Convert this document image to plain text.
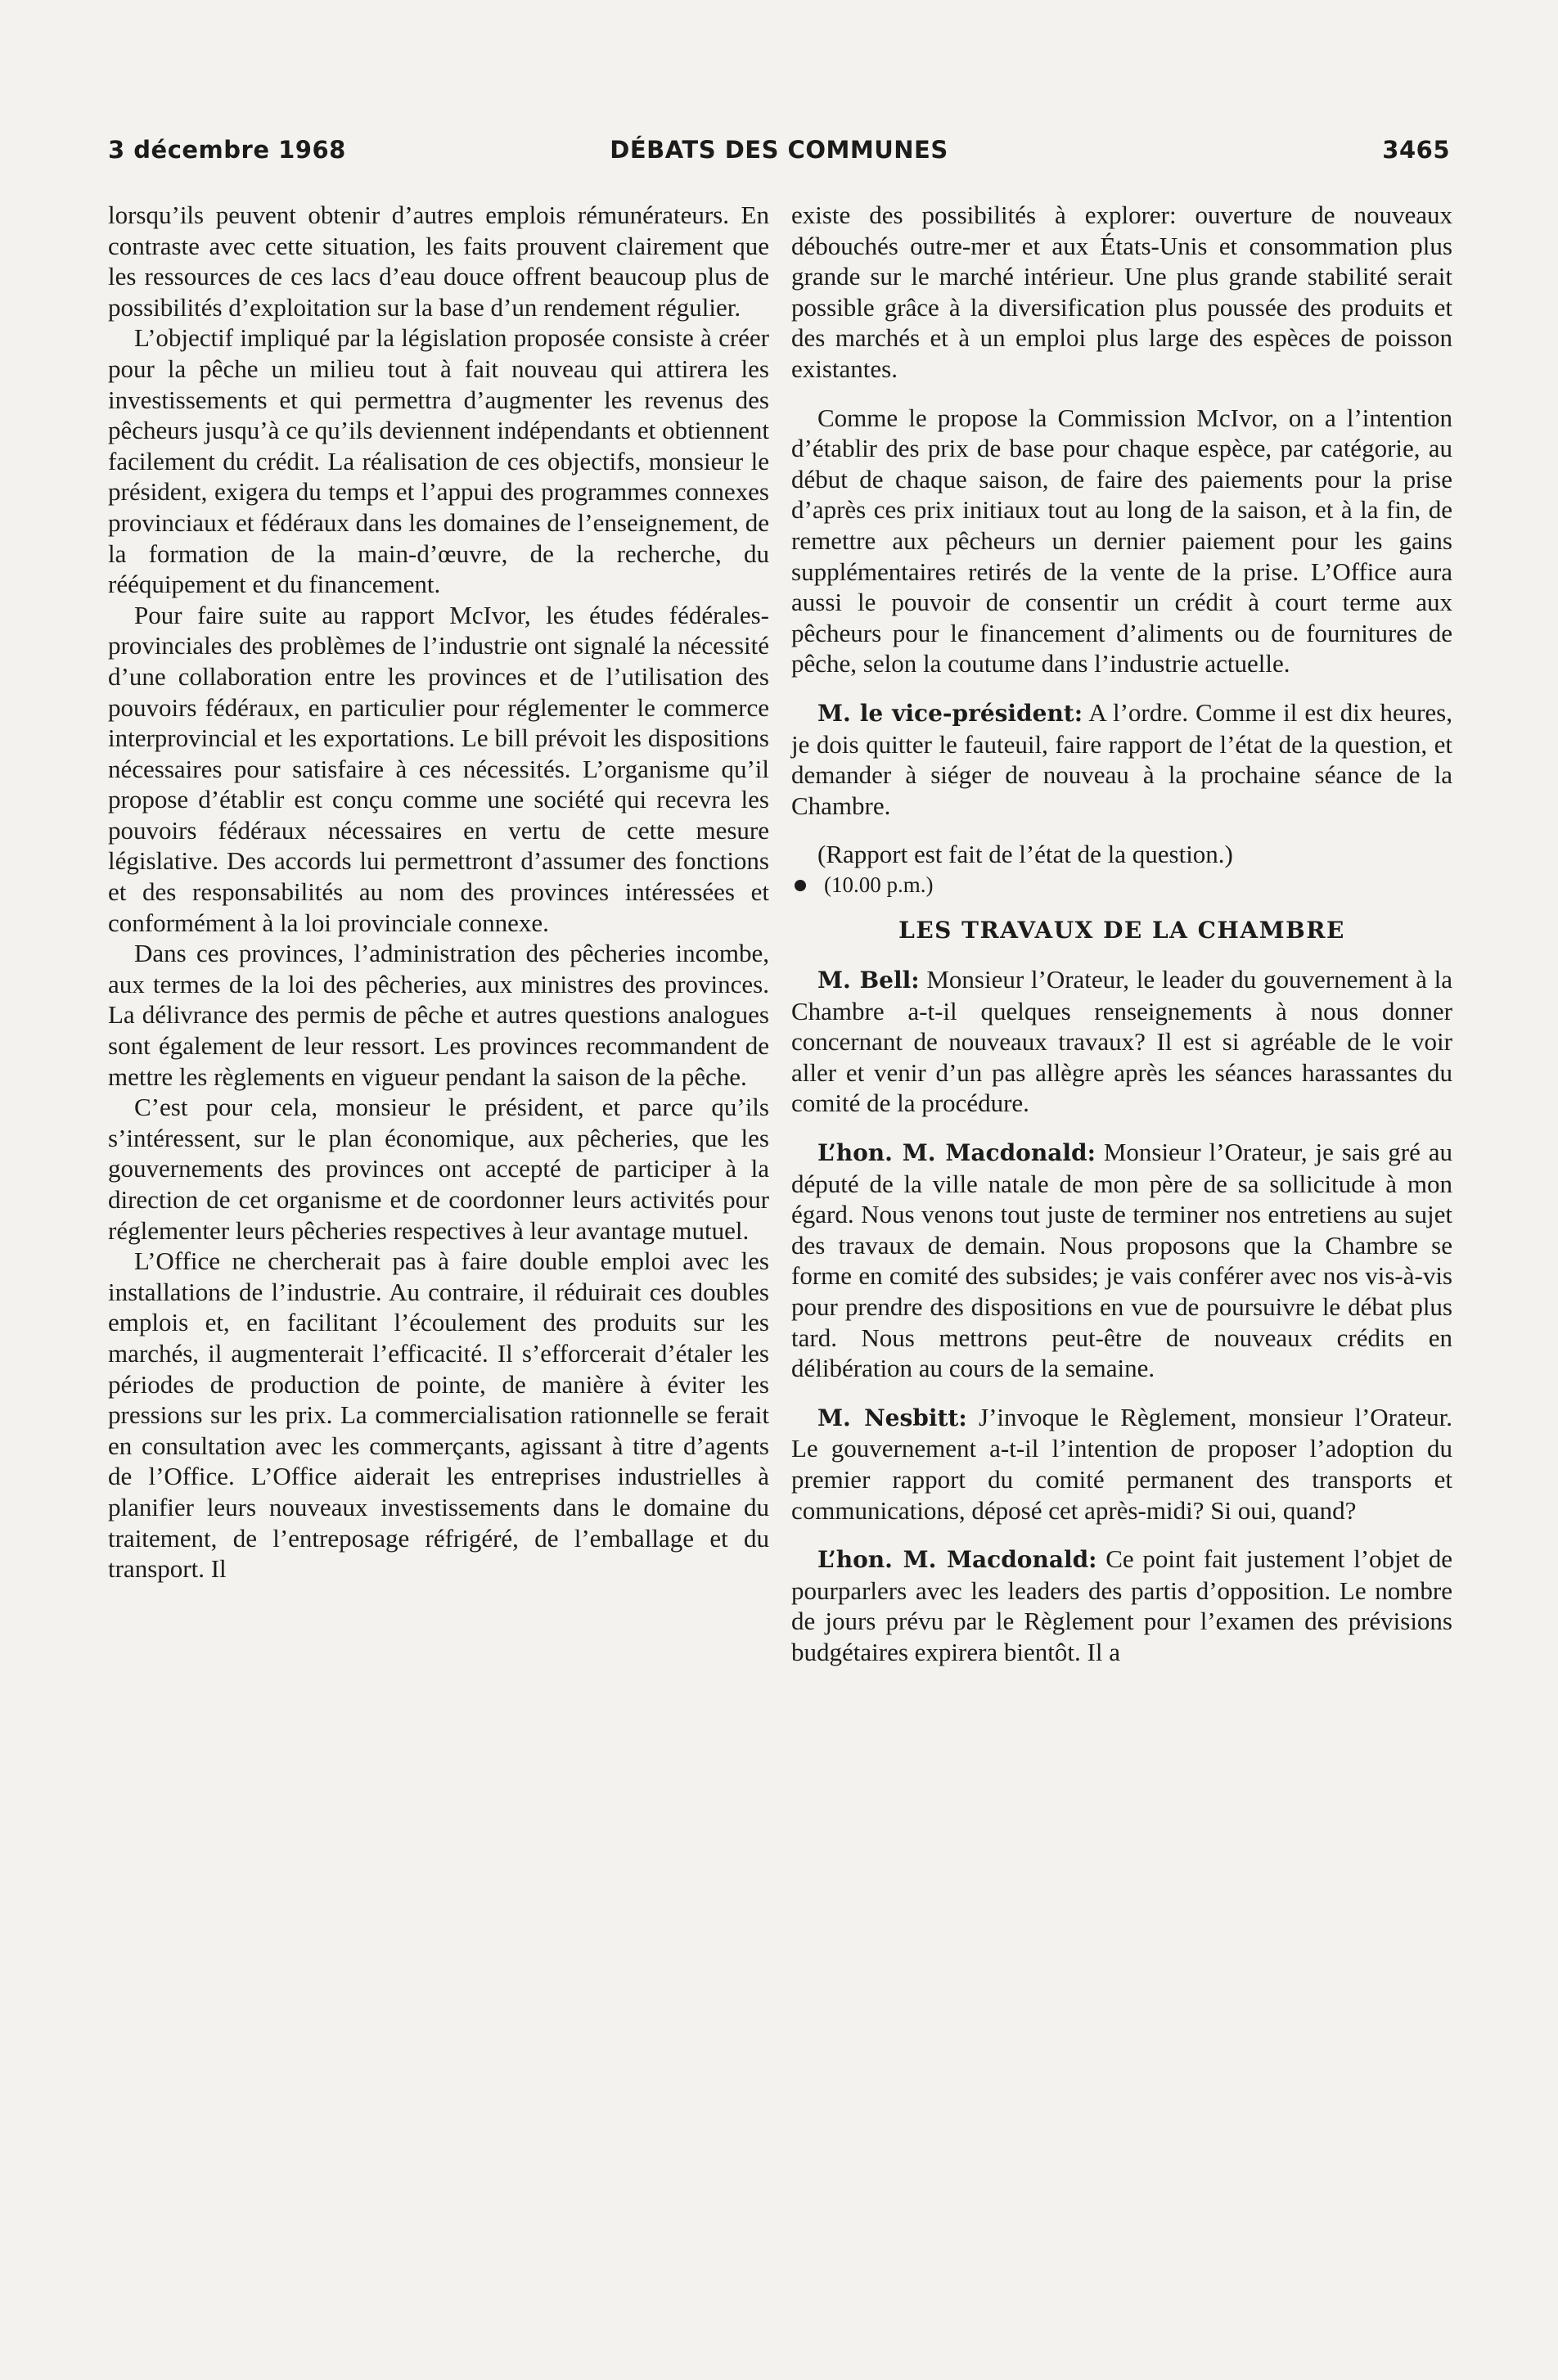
3 décembre 1968	DÉBATS DES COMMUNES	3465

lorsqu’ils peuvent obtenir d’autres emplois rémunérateurs. En contraste avec cette situation, les faits prouvent clairement que les ressources de ces lacs d’eau douce offrent beaucoup plus de possibilités d’exploitation sur la base d’un rendement régulier.

L’objectif impliqué par la législation proposée consiste à créer pour la pêche un milieu tout à fait nouveau qui attirera les investissements et qui permettra d’augmenter les revenus des pêcheurs jusqu’à ce qu’ils deviennent indépendants et obtiennent facilement du crédit. La réalisation de ces objectifs, monsieur le président, exigera du temps et l’appui des programmes connexes provinciaux et fédéraux dans les domaines de l’enseignement, de la formation de la main-d’œuvre, de la recherche, du rééquipement et du financement.

Pour faire suite au rapport McIvor, les études fédérales-provinciales des problèmes de l’industrie ont signalé la nécessité d’une collaboration entre les provinces et de l’utilisation des pouvoirs fédéraux, en particulier pour réglementer le commerce interprovincial et les exportations. Le bill prévoit les dispositions nécessaires pour satisfaire à ces nécessités. L’organisme qu’il propose d’établir est conçu comme une société qui recevra les pouvoirs fédéraux nécessaires en vertu de cette mesure législative. Des accords lui permettront d’assumer des fonctions et des responsabilités au nom des provinces intéressées et conformément à la loi provinciale connexe.

Dans ces provinces, l’administration des pêcheries incombe, aux termes de la loi des pêcheries, aux ministres des provinces. La délivrance des permis de pêche et autres questions analogues sont également de leur ressort. Les provinces recommandent de mettre les règlements en vigueur pendant la saison de la pêche.

C’est pour cela, monsieur le président, et parce qu’ils s’intéressent, sur le plan économique, aux pêcheries, que les gouvernements des provinces ont accepté de participer à la direction de cet organisme et de coordonner leurs activités pour réglementer leurs pêcheries respectives à leur avantage mutuel.

L’Office ne chercherait pas à faire double emploi avec les installations de l’industrie. Au contraire, il réduirait ces doubles emplois et, en facilitant l’écoulement des produits sur les marchés, il augmenterait l’efficacité. Il s’efforcerait d’étaler les périodes de production de pointe, de manière à éviter les pressions sur les prix. La commercialisation rationnelle se ferait en consultation avec les commerçants, agissant à titre d’agents de l’Office. L’Office aiderait les entreprises industrielles à planifier leurs nouveaux investissements dans le domaine du traitement, de l’entreposage réfrigéré, de l’emballage et du transport. Il

existe des possibilités à explorer: ouverture de nouveaux débouchés outre-mer et aux États-Unis et consommation plus grande sur le marché intérieur. Une plus grande stabilité serait possible grâce à la diversification plus poussée des produits et des marchés et à un emploi plus large des espèces de poisson existantes.

Comme le propose la Commission McIvor, on a l’intention d’établir des prix de base pour chaque espèce, par catégorie, au début de chaque saison, de faire des paiements pour la prise d’après ces prix initiaux tout au long de la saison, et à la fin, de remettre aux pêcheurs un dernier paiement pour les gains supplémentaires retirés de la vente de la prise. L’Office aura aussi le pouvoir de consentir un crédit à court terme aux pêcheurs pour le financement d’aliments ou de fournitures de pêche, selon la coutume dans l’industrie actuelle.

M. le vice-président: A l’ordre. Comme il est dix heures, je dois quitter le fauteuil, faire rapport de l’état de la question, et demander à siéger de nouveau à la prochaine séance de la Chambre.

(Rapport est fait de l’état de la question.)

(10.00 p.m.)

LES TRAVAUX DE LA CHAMBRE

M. Bell: Monsieur l’Orateur, le leader du gouvernement à la Chambre a-t-il quelques renseignements à nous donner concernant de nouveaux travaux? Il est si agréable de le voir aller et venir d’un pas allègre après les séances harassantes du comité de la procédure.

L’hon. M. Macdonald: Monsieur l’Orateur, je sais gré au député de la ville natale de mon père de sa sollicitude à mon égard. Nous venons tout juste de terminer nos entretiens au sujet des travaux de demain. Nous proposons que la Chambre se forme en comité des subsides; je vais conférer avec nos vis-à-vis pour prendre des dispositions en vue de poursuivre le débat plus tard. Nous mettrons peut-être de nouveaux crédits en délibération au cours de la semaine.

M. Nesbitt: J’invoque le Règlement, monsieur l’Orateur. Le gouvernement a-t-il l’intention de proposer l’adoption du premier rapport du comité permanent des transports et communications, déposé cet après-midi? Si oui, quand?

L’hon. M. Macdonald: Ce point fait justement l’objet de pourparlers avec les leaders des partis d’opposition. Le nombre de jours prévu par le Règlement pour l’examen des prévisions budgétaires expirera bientôt. Il a
